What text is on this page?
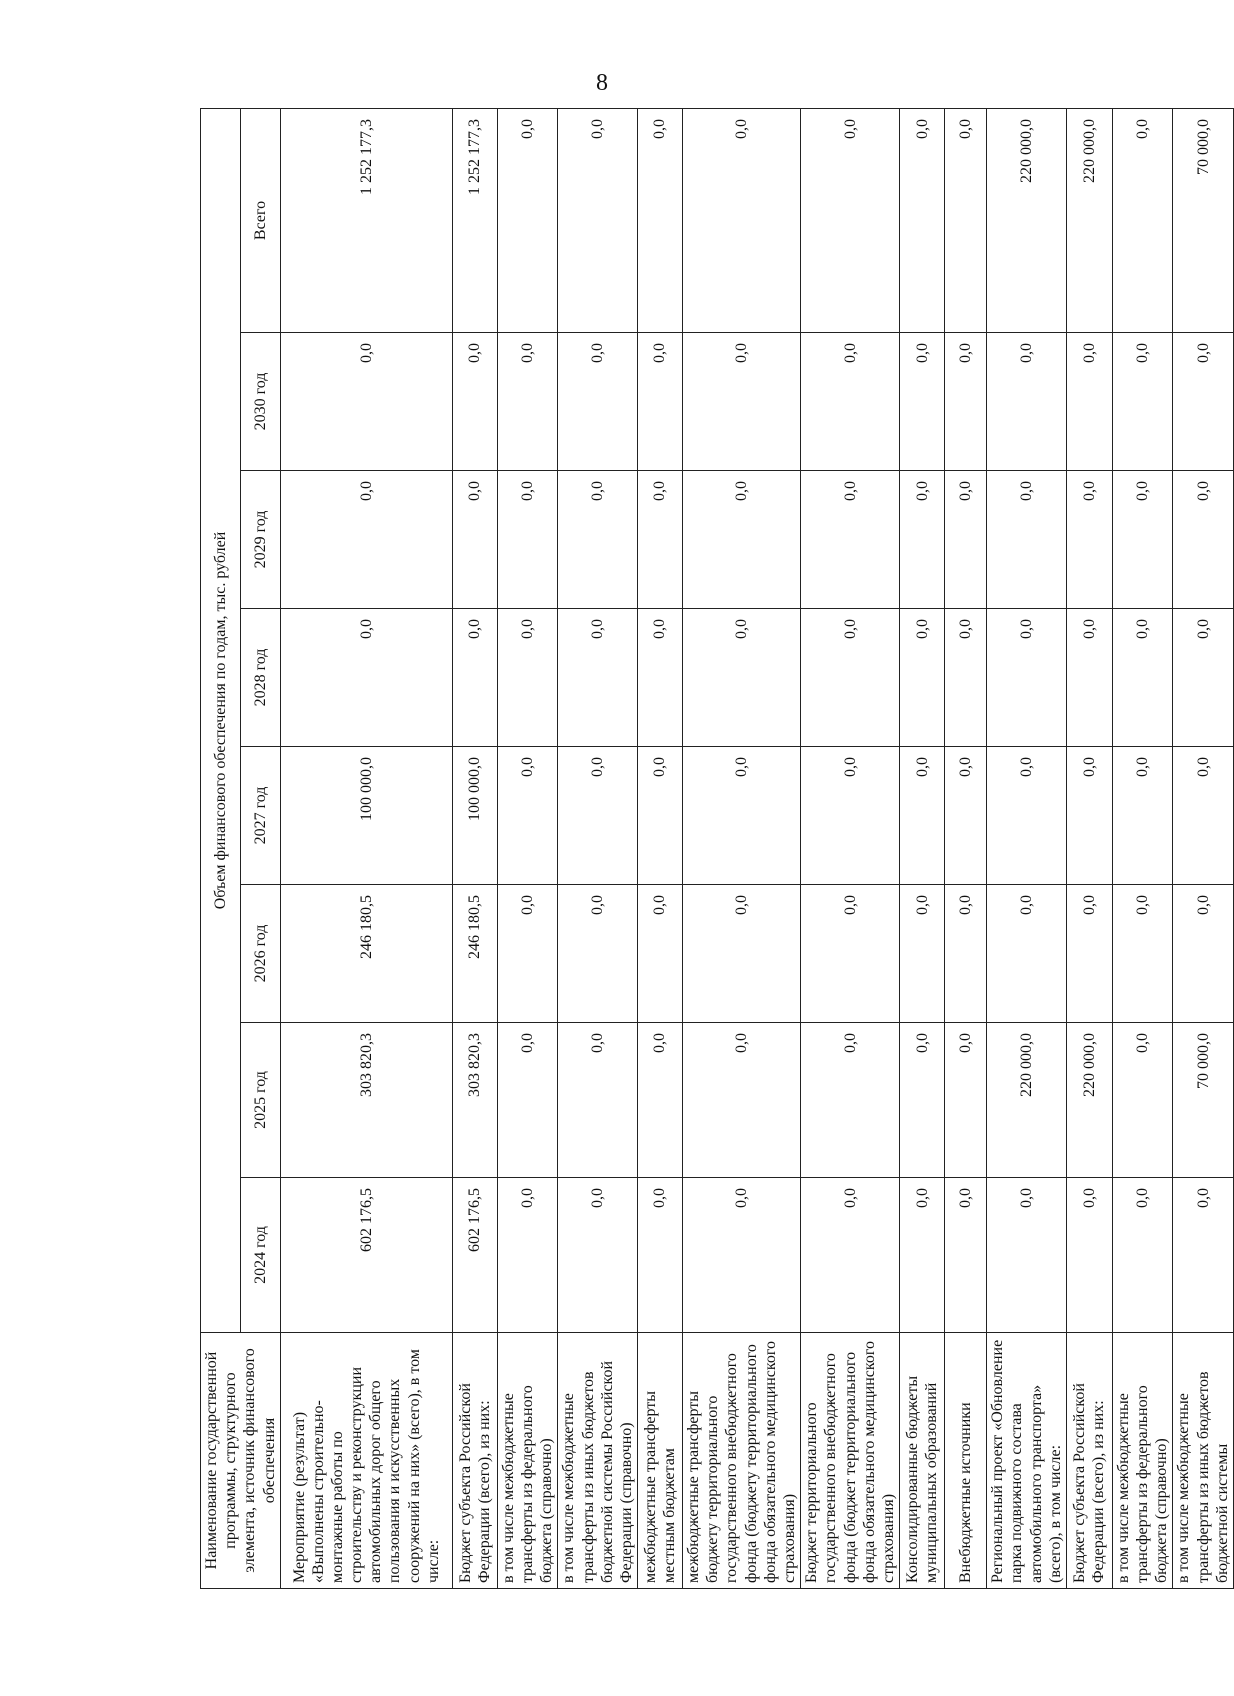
8
Наименование государственной программы, структурного элемента, источник финансового обеспечения	Объем финансового обеспечения по годам, тыс. рублей							
	2024 год	2025 год	2026 год	2027 год	2028 год	2029 год	2030 год	Всего
Мероприятие (результат) «Выполнены строительно-монтажные работы по строительству и реконструкции автомобильных дорог общего пользования и искусственных сооружений на них» (всего), в том числе:	602 176,5	303 820,3	246 180,5	100 000,0	0,0	0,0	0,0	1 252 177,3
Бюджет субъекта Российской Федерации (всего), из них:	602 176,5	303 820,3	246 180,5	100 000,0	0,0	0,0	0,0	1 252 177,3
в том числе межбюджетные трансферты из федерального бюджета (справочно)	0,0	0,0	0,0	0,0	0,0	0,0	0,0	0,0
в том числе межбюджетные трансферты из иных бюджетов бюджетной системы Российской Федерации (справочно)	0,0	0,0	0,0	0,0	0,0	0,0	0,0	0,0
межбюджетные трансферты местным бюджетам	0,0	0,0	0,0	0,0	0,0	0,0	0,0	0,0
межбюджетные трансферты бюджету территориального государственного внебюджетного фонда (бюджету территориального фонда обязательного медицинского страхования)	0,0	0,0	0,0	0,0	0,0	0,0	0,0	0,0
Бюджет территориального государственного внебюджетного фонда (бюджет территориального фонда обязательного медицинского страхования)	0,0	0,0	0,0	0,0	0,0	0,0	0,0	0,0
Консолидированные бюджеты муниципальных образований	0,0	0,0	0,0	0,0	0,0	0,0	0,0	0,0
Внебюджетные источники	0,0	0,0	0,0	0,0	0,0	0,0	0,0	0,0
Региональный проект «Обновление парка подвижного состава автомобильного транспорта» (всего), в том числе:	0,0	220 000,0	0,0	0,0	0,0	0,0	0,0	220 000,0
Бюджет субъекта Российской Федерации (всего), из них:	0,0	220 000,0	0,0	0,0	0,0	0,0	0,0	220 000,0
в том числе межбюджетные трансферты из федерального бюджета (справочно)	0,0	0,0	0,0	0,0	0,0	0,0	0,0	0,0
в том числе межбюджетные трансферты из иных бюджетов бюджетной системы	0,0	70 000,0	0,0	0,0	0,0	0,0	0,0	70 000,0
